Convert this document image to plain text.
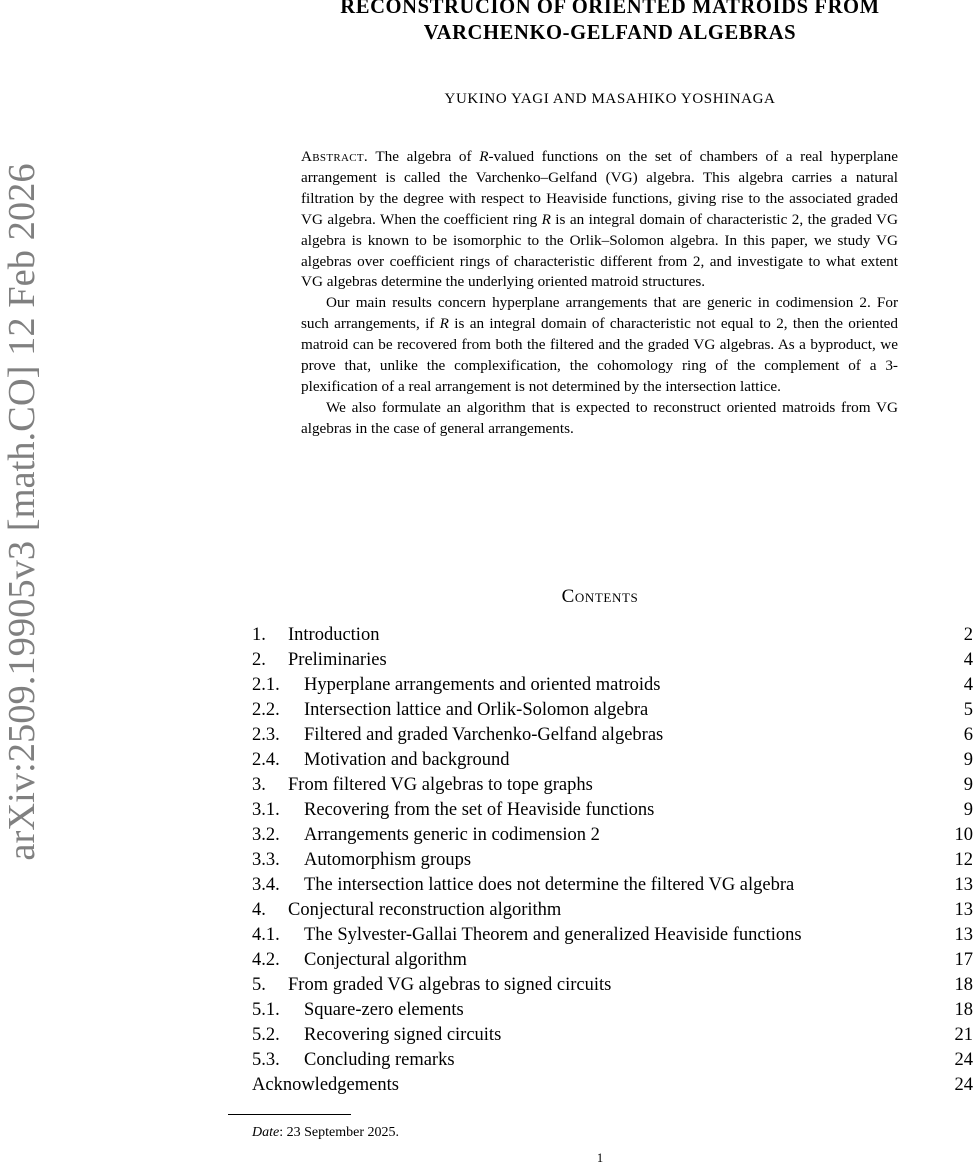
arXiv:2509.19905v3 [math.CO] 12 Feb 2026
RECONSTRUCION OF ORIENTED MATROIDS FROM
VARCHENKO-GELFAND ALGEBRAS
YUKINO YAGI AND MASAHIKO YOSHINAGA

Abstract. The algebra of R-valued functions on the set of chambers of a real hyperplane arrangement is called the Varchenko–Gelfand (VG) algebra. This algebra carries a natural filtration by the degree with respect to Heaviside functions, giving rise to the associated graded VG algebra. When the coefficient ring R is an integral domain of characteristic 2, the graded VG algebra is known to be isomorphic to the Orlik–Solomon algebra. In this paper, we study VG algebras over coefficient rings of characteristic different from 2, and investigate to what extent VG algebras determine the underlying oriented matroid structures.

Our main results concern hyperplane arrangements that are generic in codimension 2. For such arrangements, if R is an integral domain of characteristic not equal to 2, then the oriented matroid can be recovered from both the filtered and the graded VG algebras. As a byproduct, we prove that, unlike the complexification, the cohomology ring of the complement of a 3-plexification of a real arrangement is not determined by the intersection lattice.

We also formulate an algorithm that is expected to reconstruct oriented matroids from VG algebras in the case of general arrangements.

Contents
1. Introduction	2
2. Preliminaries	4
2.1. Hyperplane arrangements and oriented matroids	4
2.2. Intersection lattice and Orlik-Solomon algebra	5
2.3. Filtered and graded Varchenko-Gelfand algebras	6
2.4. Motivation and background	9
3. From filtered VG algebras to tope graphs	9
3.1. Recovering from the set of Heaviside functions	9
3.2. Arrangements generic in codimension 2	10
3.3. Automorphism groups	12
3.4. The intersection lattice does not determine the filtered VG algebra	13
4. Conjectural reconstruction algorithm	13
4.1. The Sylvester-Gallai Theorem and generalized Heaviside functions	13
4.2. Conjectural algorithm	17
5. From graded VG algebras to signed circuits	18
5.1. Square-zero elements	18
5.2. Recovering signed circuits	21
5.3. Concluding remarks	24
Acknowledgements	24
Date: 23 September 2025.
1
